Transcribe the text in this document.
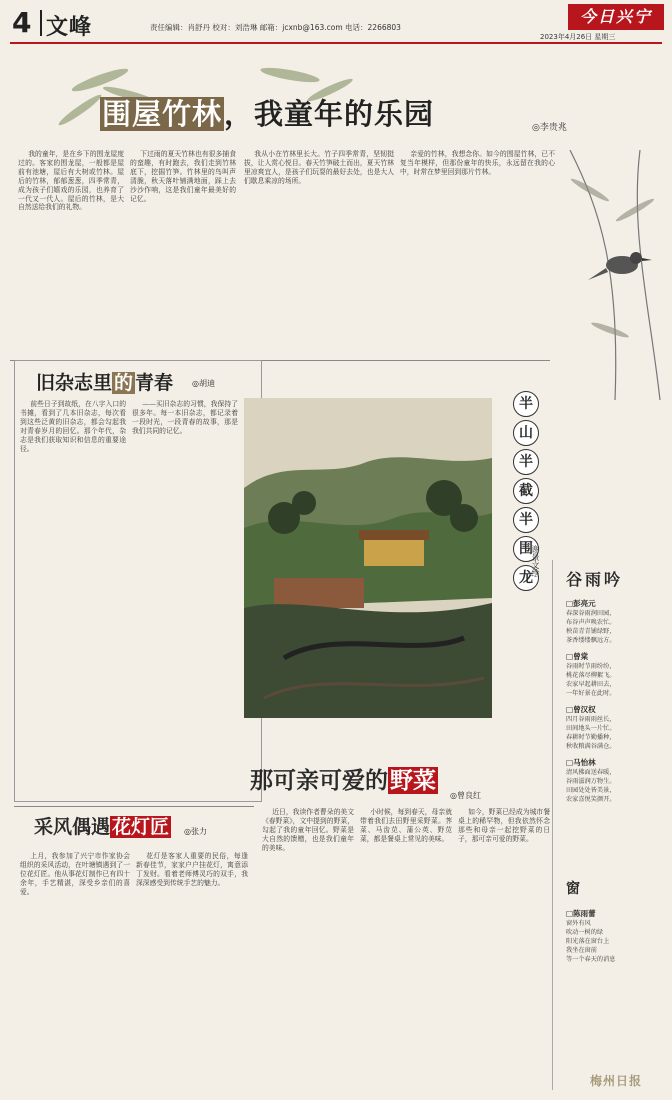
4 文峰	责任编辑：肖舒丹 校对：刘浩琳 邮箱：jcxnb@163.com 电话：2266803
今日兴宁
2023年4月26日 星期三
围屋竹林，我童年的乐园	◎李贵兆

我的童年，是在乡下的围龙屋度过的。客家的围龙屋，一般都是屋前有池塘，屋后有大树或竹林。屋后的竹林，郁郁葱葱，四季常青，成为孩子们嬉戏的乐园，也养育了一代又一代人。屋后的竹林，是大自然送给我们的礼物。

下过雨的夏天竹林也有很多捕食的蛮趣，有时跑去，我们走到竹林底下，挖掘竹笋。竹林里的鸟叫声清脆，秋天落叶铺满地面，踩上去沙沙作响，这是我们童年最美好的记忆。

我从小在竹林里长大。竹子四季常青，坚韧挺拔，让人赏心悦目。春天竹笋破土而出，夏天竹林里凉爽宜人，是孩子们玩耍的最好去处，也是大人们歇息乘凉的场所。

亲爱的竹林，我想念你。如今的围屋竹林，已不复当年模样，但那份童年的快乐，永远留在我的心中，时常在梦里回到那片竹林。

旧杂志里 的 青春 ◎胡迪

前些日子到故纸，在八字入口的书摊，看到了几本旧杂志，每次看到这些泛黄的旧杂志，都会勾起我对青春岁月的回忆。那个年代，杂志是我们获取知识和信息的重要途径。

——买旧杂志的习惯，我保持了很多年。每一本旧杂志，都记录着一段时光，一段青春的故事，那是我们共同的记忆。

半
山
半
截
半
围
龙
谢景文绘
谷雨吟
□彭亮元
春深谷雨润田园，
布谷声声唤农忙。
秧苗青青铺绿野，
茶香缕缕飘远方。
□曾棠
谷雨时节雨纷纷，
桃花落尽柳絮飞。
农家早起耕田去，
一年好景在此时。
□曾汉权
四月谷雨雨丝长，
田间地头一片忙。
春耕时节勤播种，
秋收粮满谷满仓。
□马怡林
清风拂面送春暖，
谷雨滋润万物生。
田园处处皆美景，
农家喜悦笑颜开。
窗
□陈雨蕾
窗外有风
吹动一树的绿
阳光落在窗台上
我坐在窗前
等一个春天的消息
那可亲可爱的野菜
◎曾良红

近日，我读作者曹朵的美文《春野菜》，文中提到的野菜，勾起了我的童年回忆。野菜是大自然的馈赠，也是我们童年的美味。

小时候，每到春天，母亲就带着我们去田野里采野菜。荠菜、马齿苋、蒲公英、野苋菜，都是餐桌上常见的美味。

如今，野菜已经成为城市餐桌上的稀罕物，但我依然怀念那些和母亲一起挖野菜的日子，那可亲可爱的野菜。

采风偶遇 花灯匠 ◎张力

上月，我参加了兴宁市作家协会组织的采风活动，在叶塘镇遇到了一位花灯匠。他从事花灯制作已有四十余年，手艺精湛，深受乡亲们的喜爱。

花灯是客家人重要的民俗，每逢新春佳节，家家户户挂花灯，寓意添丁发财。看着老师傅灵巧的双手，我深深感受到传统手艺的魅力。

梅州日报
